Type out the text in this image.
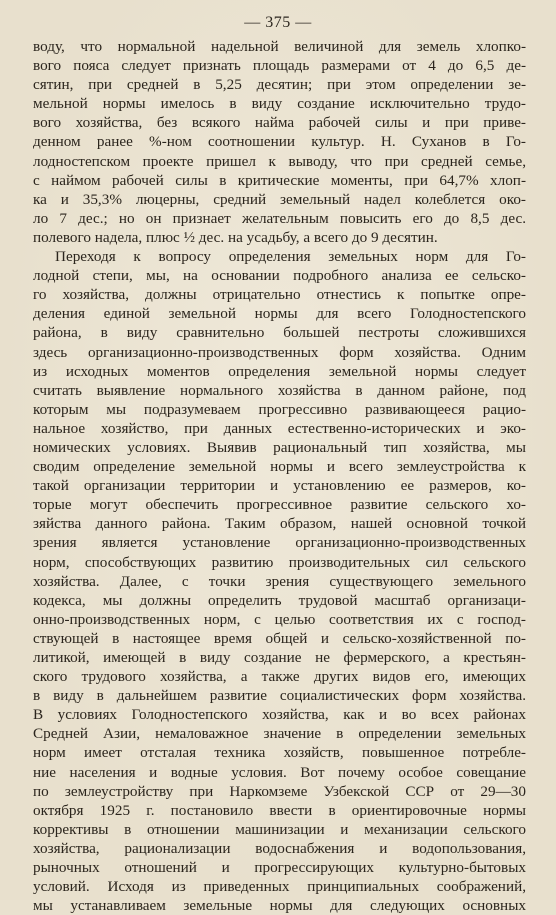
— 375 —
воду, что нормальной надельной величиной для земель хлопко-
вого пояса следует признать площадь размерами от 4 до 6,5 де-
сятин, при средней в 5,25 десятин; при этом определении зе-
мельной нормы имелось в виду создание исключительно трудо-
вого хозяйства, без всякого найма рабочей силы и при приве-
денном ранее %-ном соотношении культур. Н. Суханов в Го-
лодностепском проекте пришел к выводу, что при средней семье,
с наймом рабочей силы в критические моменты, при 64,7% хлоп-
ка и 35,3% люцерны, средний земельный надел колеблется око-
ло 7 дес.; но он признает желательным повысить его до 8,5 дес.
полевого надела, плюс ½ дес. на усадьбу, а всего до 9 десятин.
Переходя к вопросу определения земельных норм для Го-
лодной степи, мы, на основании подробного анализа ее сельско-
го хозяйства, должны отрицательно отнестись к попытке опре-
деления единой земельной нормы для всего Голодностепского
района, в виду сравнительно большей пестроты сложившихся
здесь организационно-производственных форм хозяйства. Одним
из исходных моментов определения земельной нормы следует
считать выявление нормального хозяйства в данном районе, под
которым мы подразумеваем прогрессивно развивающееся рацио-
нальное хозяйство, при данных естественно-исторических и эко-
номических условиях. Выявив рациональный тип хозяйства, мы
сводим определение земельной нормы и всего землеустройства к
такой организации территории и установлению ее размеров, ко-
торые могут обеспечить прогрессивное развитие сельского хо-
зяйства данного района. Таким образом, нашей основной точкой
зрения является установление организационно-производственных
норм, способствующих развитию производительных сил сельского
хозяйства. Далее, с точки зрения существующего земельного
кодекса, мы должны определить трудовой масштаб организаци-
онно-производственных норм, с целью соответствия их с господ-
ствующей в настоящее время общей и сельско-хозяйственной по-
литикой, имеющей в виду создание не фермерского, а крестьян-
ского трудового хозяйства, а также других видов его, имеющих
в виду в дальнейшем развитие социалистических форм хозяйства.
В условиях Голодностепского хозяйства, как и во всех районах
Средней Азии, немаловажное значение в определении земельных
норм имеет отсталая техника хозяйств, повышенное потребле-
ние населения и водные условия. Вот почему особое совещание
по землеустройству при Наркомземе Узбекской ССР от 29—30
октября 1925 г. постановило ввести в ориентировочные нормы
коррективы в отношении машинизации и механизации сельского
хозяйства, рационализации водоснабжения и водопользования,
рыночных отношений и прогрессирующих культурно-бытовых
условий. Исходя из приведенных принципиальных соображений,
мы устанавливаем земельные нормы для следующих основных
